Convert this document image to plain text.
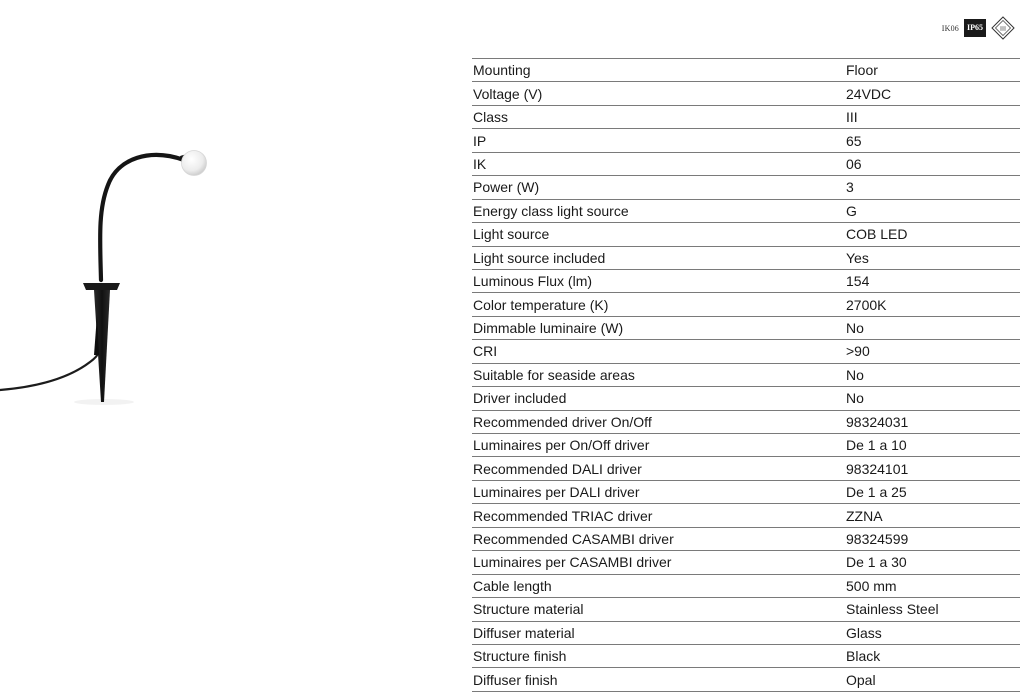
IK06	IP65	III
Mounting	Floor
Voltage (V)	24VDC
Class	III
IP	65
IK	06
Power (W)	3
Energy class light source	G
Light source	COB LED
Light source included	Yes
Luminous Flux (lm)	154
Color temperature (K)	2700K
Dimmable luminaire (W)	No
CRI	>90
Suitable for seaside areas	No
Driver included	No
Recommended driver On/Off	98324031
Luminaires per On/Off driver	De 1 a 10
Recommended DALI driver	98324101
Luminaires per DALI driver	De 1 a 25
Recommended TRIAC driver	ZZNA
Recommended CASAMBI driver	98324599
Luminaires per CASAMBI driver	De 1 a 30
Cable length	500 mm
Structure material	Stainless Steel
Diffuser material	Glass
Structure finish	Black
Diffuser finish	Opal
